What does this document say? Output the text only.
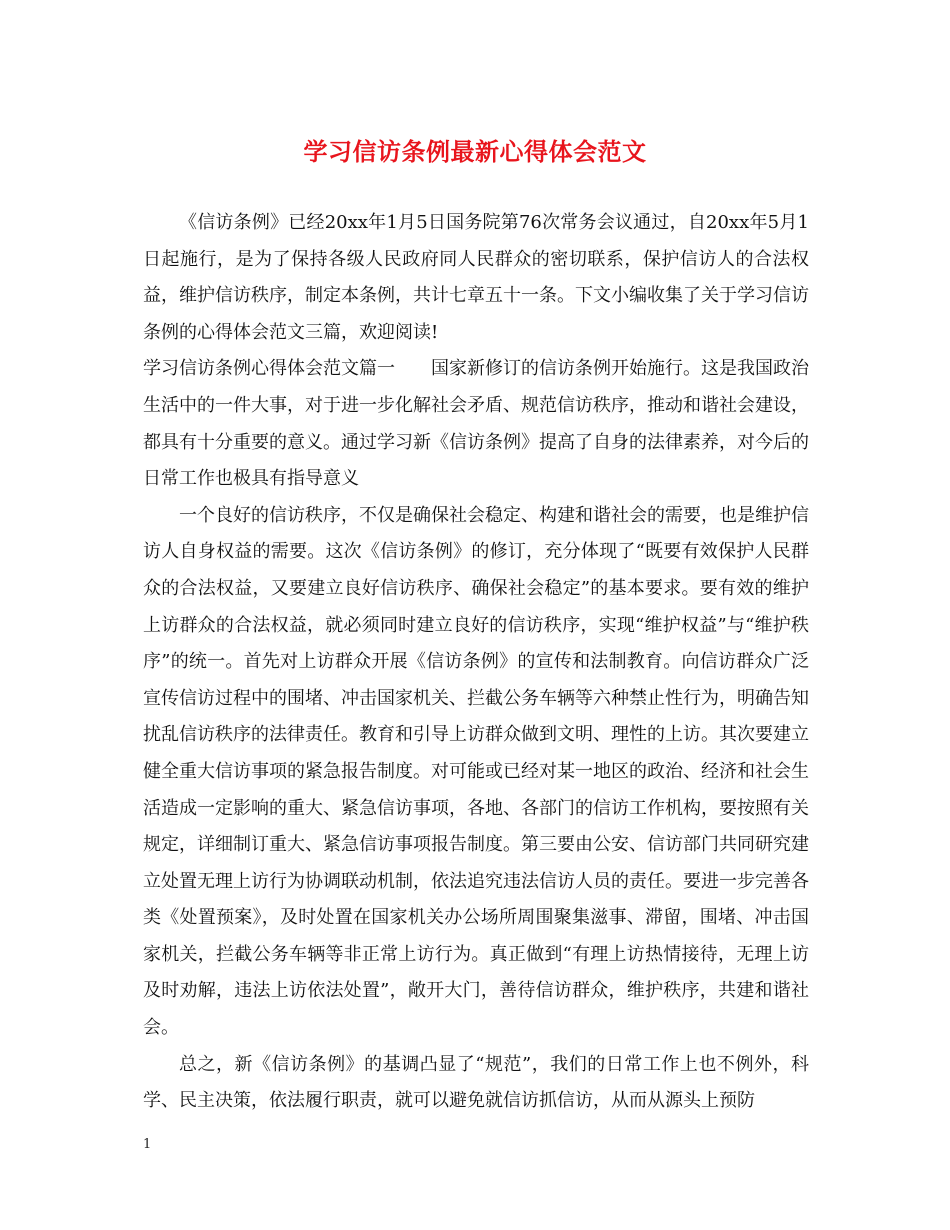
学习信访条例最新心得体会范文

《信访条例》已经20xx年1月5日国务院第76次常务会议通过，自20xx年5月1日起施行，是为了保持各级人民政府同人民群众的密切联系，保护信访人的合法权益，维护信访秩序，制定本条例，共计七章五十一条。下文小编收集了关于学习信访条例的心得体会范文三篇，欢迎阅读!

学习信访条例心得体会范文篇一　　国家新修订的信访条例开始施行。这是我国政治生活中的一件大事，对于进一步化解社会矛盾、规范信访秩序，推动和谐社会建设，都具有十分重要的意义。通过学习新《信访条例》提高了自身的法律素养，对今后的日常工作也极具有指导意义

一个良好的信访秩序，不仅是确保社会稳定、构建和谐社会的需要，也是维护信访人自身权益的需要。这次《信访条例》的修订，充分体现了“既要有效保护人民群众的合法权益，又要建立良好信访秩序、确保社会稳定”的基本要求。要有效的维护上访群众的合法权益，就必须同时建立良好的信访秩序，实现“维护权益”与“维护秩序”的统一。首先对上访群众开展《信访条例》的宣传和法制教育。向信访群众广泛宣传信访过程中的围堵、冲击国家机关、拦截公务车辆等六种禁止性行为，明确告知扰乱信访秩序的法律责任。教育和引导上访群众做到文明、理性的上访。其次要建立健全重大信访事项的紧急报告制度。对可能或已经对某一地区的政治、经济和社会生活造成一定影响的重大、紧急信访事项，各地、各部门的信访工作机构，要按照有关规定，详细制订重大、紧急信访事项报告制度。第三要由公安、信访部门共同研究建立处置无理上访行为协调联动机制，依法追究违法信访人员的责任。要进一步完善各类《处置预案》，及时处置在国家机关办公场所周围聚集滋事、滞留，围堵、冲击国家机关，拦截公务车辆等非正常上访行为。真正做到“有理上访热情接待，无理上访及时劝解，违法上访依法处置”，敞开大门，善待信访群众，维护秩序，共建和谐社会。

总之，新《信访条例》的基调凸显了“规范”，我们的日常工作上也不例外，科学、民主决策，依法履行职责，就可以避免就信访抓信访，从而从源头上预防

1
